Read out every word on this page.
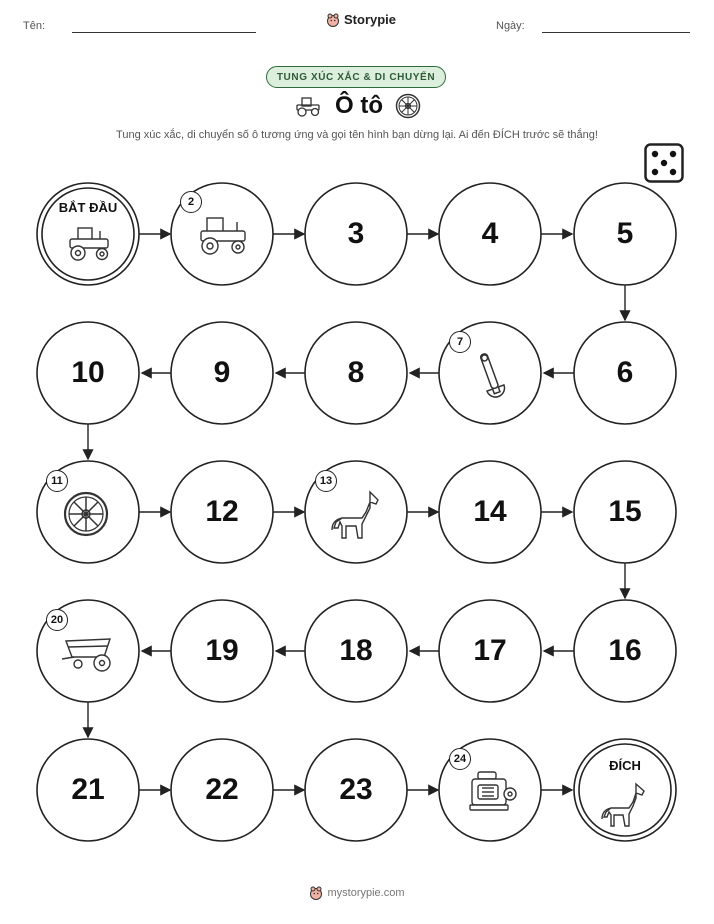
Tên:	Storypie	Ngày:
TUNG XÚC XẮC & DI CHUYỂN
Ô tô
Tung xúc xắc, di chuyển số ô tương ứng và gọi tên hình bạn dừng lại. Ai đến ĐÍCH trước sẽ thắng!
BẮT ĐẦU
ĐÍCH
3	4	5
6
8
9
10
12	14	15
16
17
18
19
21	22	23
2
7
11	13
20
24
mystorypie.com
